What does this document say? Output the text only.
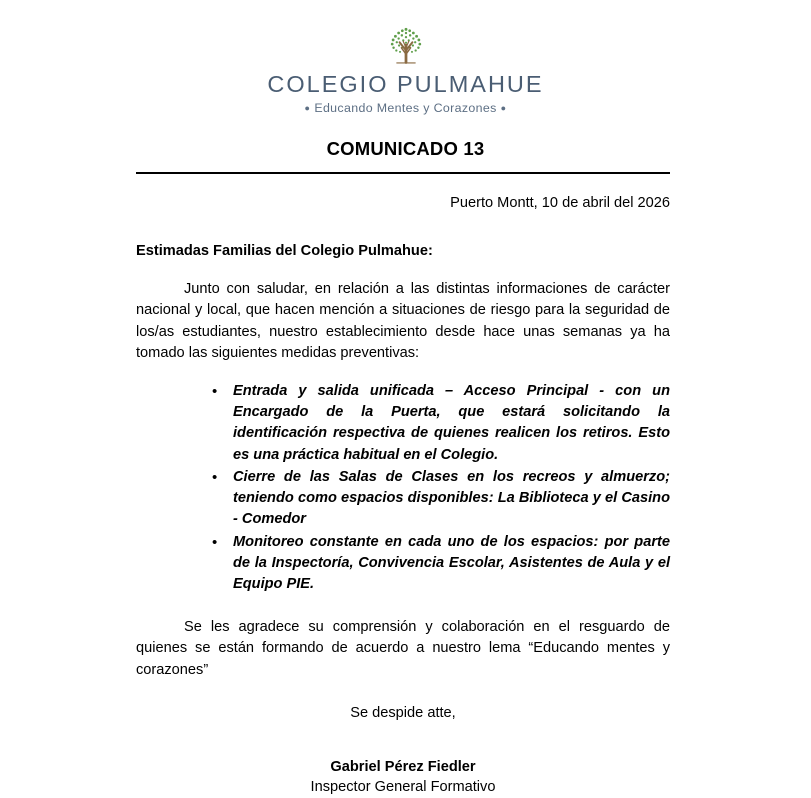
COLEGIO PULMAHUE
● Educando Mentes y Corazones ●
COMUNICADO 13
Puerto Montt, 10 de abril del 2026
Estimadas Familias del Colegio Pulmahue:

Junto con saludar, en relación a las distintas informaciones de carácter nacional y local, que hacen mención a situaciones de riesgo para la seguridad de los/as estudiantes, nuestro establecimiento desde hace unas semanas ya ha tomado las siguientes medidas preventivas:

• Entrada y salida unificada – Acceso Principal - con un Encargado de la Puerta, que estará solicitando la identificación respectiva de quienes realicen los retiros. Esto es una práctica habitual en el Colegio.
• Cierre de las Salas de Clases en los recreos y almuerzo; teniendo como espacios disponibles: La Biblioteca y el Casino - Comedor
• Monitoreo constante en cada uno de los espacios: por parte de la Inspectoría, Convivencia Escolar, Asistentes de Aula y el Equipo PIE.

Se les agradece su comprensión y colaboración en el resguardo de quienes se están formando de acuerdo a nuestro lema “Educando mentes y corazones”

Se despide atte,
Gabriel Pérez Fiedler
Inspector General Formativo
